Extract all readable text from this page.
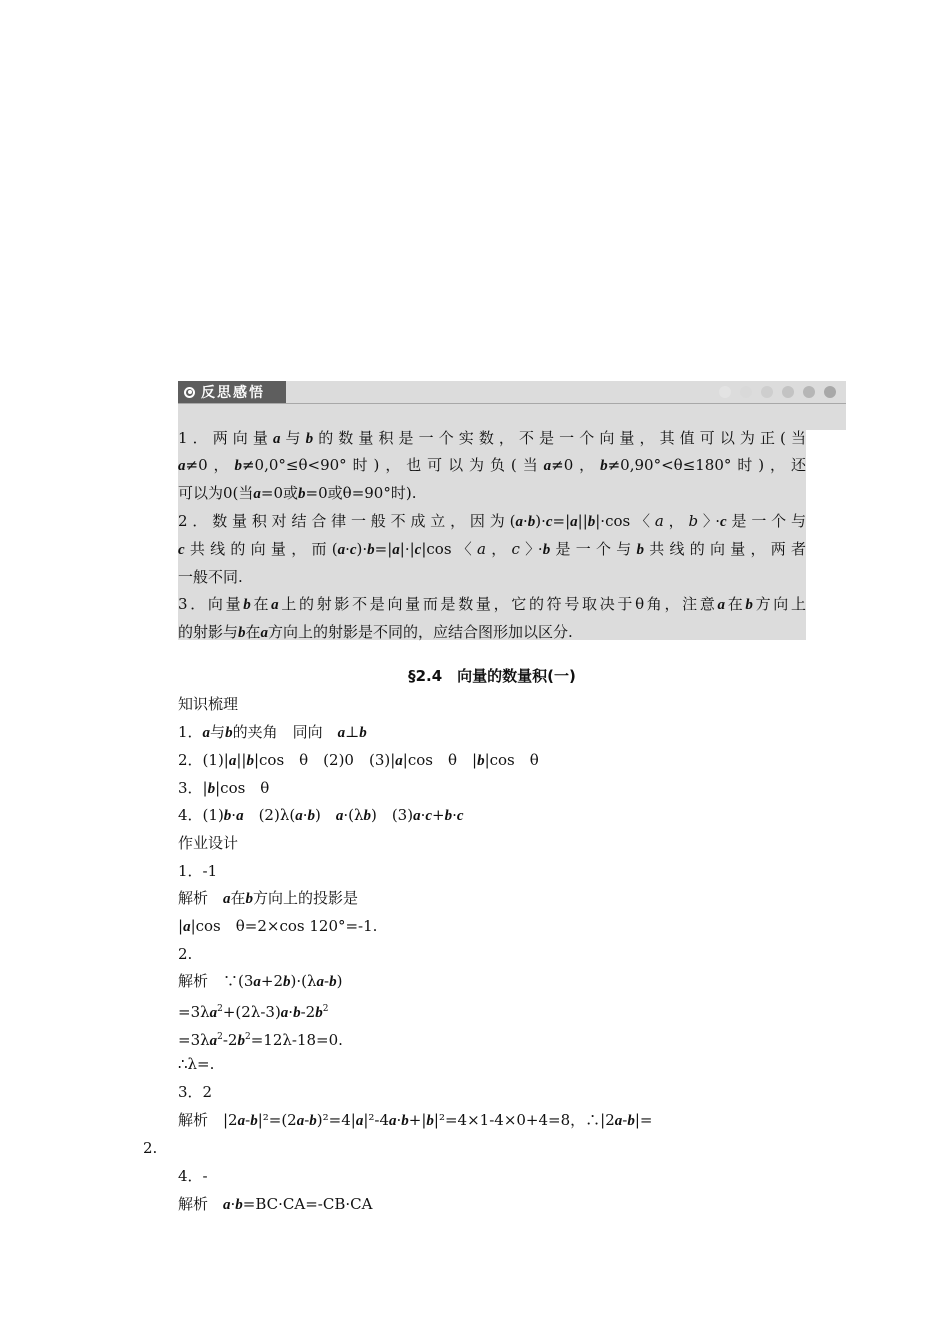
反思感悟
1．两向量a与b的数量积是一个实数，不是一个向量，其值可以为正(当
a≠0，b≠0,0°≤θ<90°时)，也可以为负(当a≠0，b≠0,90°<θ≤180°时)，还
可以为0(当a=0或b=0或θ=90°时).
2．数量积对结合律一般不成立，因为(a·b)·c=|a||b|·cos〈a，b〉·c是一个与
c共线的向量，而(a·c)·b=|a|·|c|cos〈a，c〉·b是一个与b共线的向量，两者
一般不同.
3．向量b在a上的射影不是向量而是数量，它的符号取决于θ角，注意a在b方向上
的射影与b在a方向上的射影是不同的，应结合图形加以区分.
§2.4　向量的数量积(一)
知识梳理
1．a与b的夹角　同向　a⊥b
2．(1)|a||b|cos　θ　(2)0　(3)|a|cos　θ　|b|cos　θ
3．|b|cos　θ
4．(1)b·a　(2)λ(a·b)　a·(λb)　(3)a·c+b·c
作业设计
1．-1
解析　a在b方向上的投影是
|a|cos　θ=2×cos 120°=-1.
2.
解析　∵(3a+2b)·(λa-b)
$=3\lambda a^2+(2\lambda-3)a\cdot b-2b^2$
$=3\lambda a^2-2b^2=12\lambda-18=0$.
∴λ=.
3．2
解析　|2a-b|²=(2a-b)²=4|a|²-4a·b+|b|²=4×1-4×0+4=8，∴|2a-b|=
2.
4．-
解析　a·b=BC·CA=-CB·CA
